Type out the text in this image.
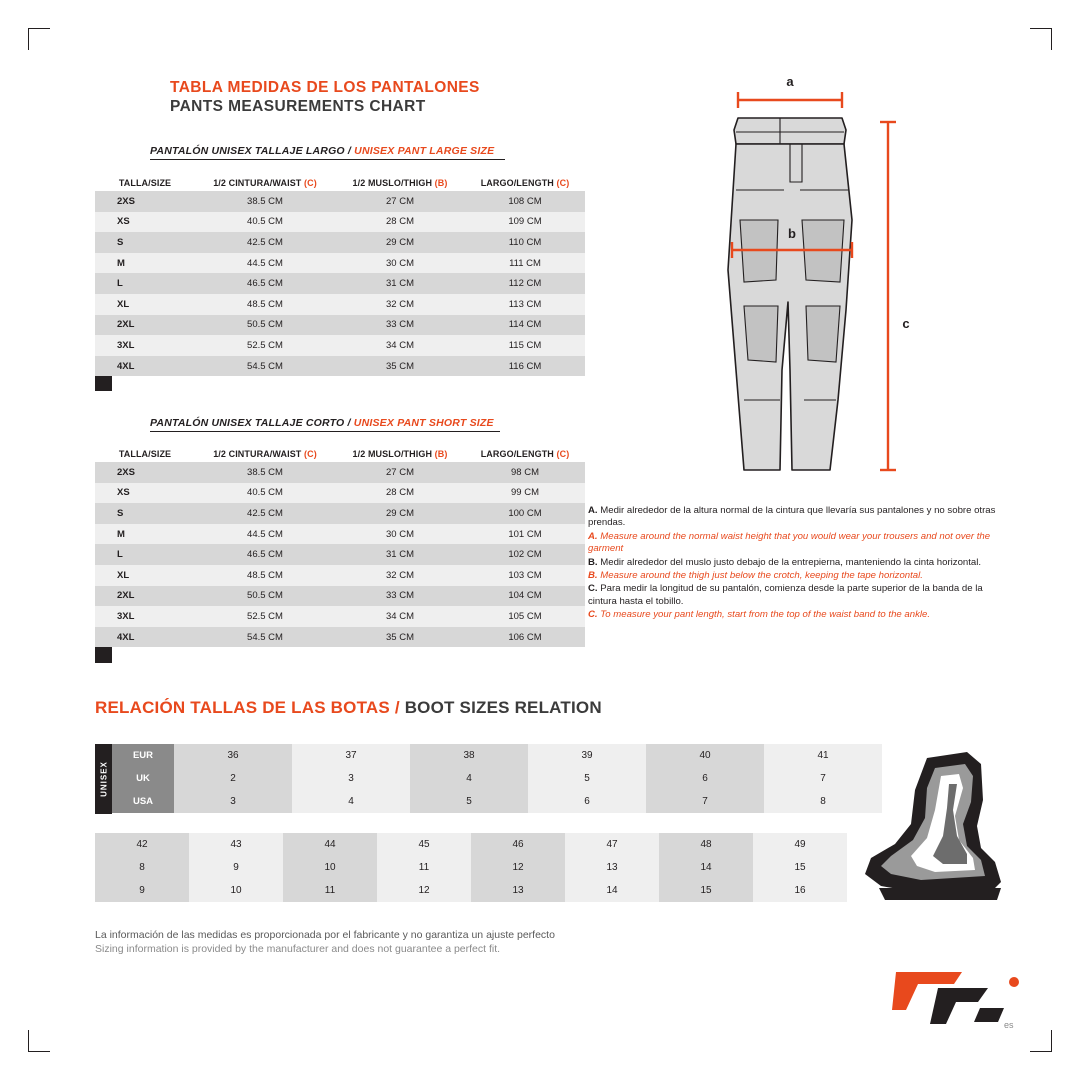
TABLA MEDIDAS DE LOS PANTALONES
PANTS MEASUREMENTS CHART
PANTALÓN UNISEX TALLAJE LARGO / UNISEX PANT LARGE SIZE
TALLA/SIZE	1/2 CINTURA/WAIST (C)	1/2 MUSLO/THIGH (B)	LARGO/LENGTH (C)
2XS	38.5 CM	27 CM	108 CM
XS	40.5 CM	28 CM	109 CM
S	42.5 CM	29 CM	110 CM
M	44.5 CM	30 CM	111 CM
L	46.5 CM	31 CM	112 CM
XL	48.5 CM	32 CM	113 CM
2XL	50.5 CM	33 CM	114 CM
3XL	52.5 CM	34 CM	115 CM
4XL	54.5 CM	35 CM	116 CM
PANTALÓN UNISEX TALLAJE CORTO / UNISEX PANT SHORT SIZE
TALLA/SIZE	1/2 CINTURA/WAIST (C)	1/2 MUSLO/THIGH (B)	LARGO/LENGTH (C)
2XS	38.5 CM	27 CM	98 CM
XS	40.5 CM	28 CM	99 CM
S	42.5 CM	29 CM	100 CM
M	44.5 CM	30 CM	101 CM
L	46.5 CM	31 CM	102 CM
XL	48.5 CM	32 CM	103 CM
2XL	50.5 CM	33 CM	104 CM
3XL	52.5 CM	34 CM	105 CM
4XL	54.5 CM	35 CM	106 CM
a
b
c

A. Medir alrededor de la altura normal de la cintura que llevaría sus pantalones y no sobre otras prendas.

A. Measure around the normal waist height that you would wear your trousers and not over the garment

B. Medir alrededor del muslo justo debajo de la entrepierna, manteniendo la cinta horizontal.

B. Measure around the thigh just below the crotch, keeping the tape horizontal.

C. Para medir la longitud de su pantalón, comienza desde la parte superior de la banda de la cintura hasta el tobillo.

C. To measure your pant length, start from the top of the waist band to the ankle.

RELACIÓN TALLAS DE LAS BOTAS / BOOT SIZES RELATION
UNISEX
EUR	36	37	38	39	40	41
UK	2	3	4	5	6	7
USA	3	4	5	6	7	8
42	43	44	45	46	47	48	49
8	9	10	11	12	13	14	15
9	10	11	12	13	14	15	16
La información de las medidas es proporcionada por el fabricante y no garantiza un ajuste perfecto
Sizing information is provided by the manufacturer and does not guarantee a perfect fit.
es
